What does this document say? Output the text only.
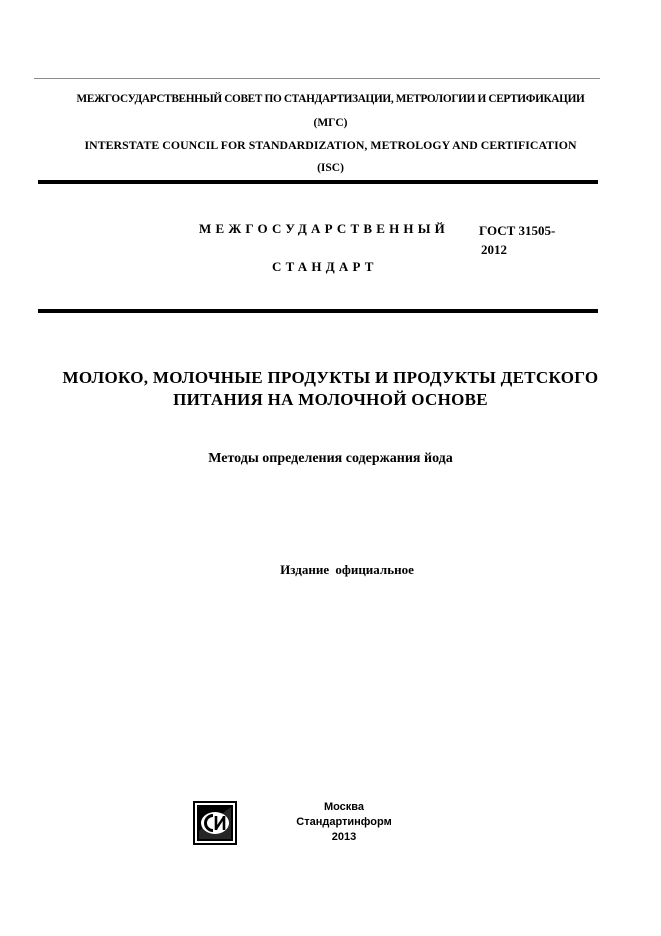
МЕЖГОСУДАРСТВЕННЫЙ СОВЕТ ПО СТАНДАРТИЗАЦИИ, МЕТРОЛОГИИ И СЕРТИФИКАЦИИ
(МГС)
INTERSTATE COUNCIL FOR STANDARDIZATION, METROLOGY AND CERTIFICATION
(ISC)
МЕЖГОСУДАРСТВЕННЫЙ
СТАНДАРТ
ГОСТ 31505-
2012
МОЛОКО, МОЛОЧНЫЕ ПРОДУКТЫ И ПРОДУКТЫ ДЕТСКОГО
ПИТАНИЯ НА МОЛОЧНОЙ ОСНОВЕ
Методы определения содержания йода
Издание официальное
Москва
Стандартинформ
2013
